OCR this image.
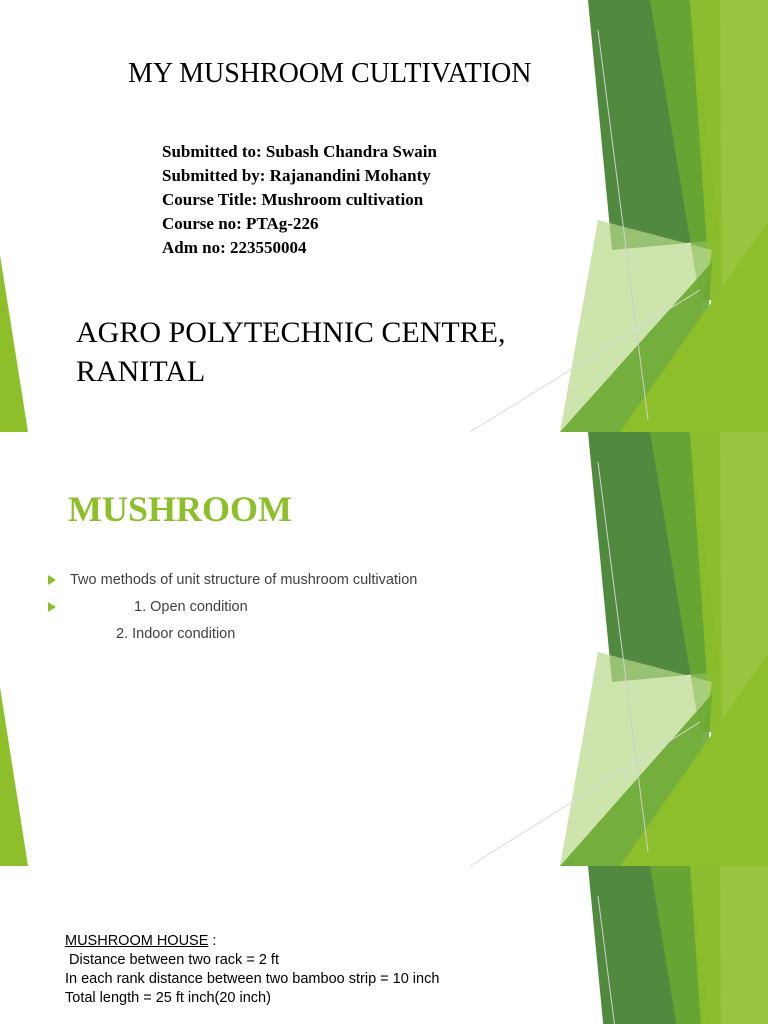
MY MUSHROOM CULTIVATION
Submitted to: Subash Chandra Swain
Submitted by: Rajanandini Mohanty
Course Title: Mushroom cultivation
Course no: PTAg-226
Adm no: 223550004
AGRO POLYTECHNIC CENTRE,
RANITAL
MUSHROOM
Two methods of unit structure of mushroom cultivation
1. Open condition
2. Indoor condition
MUSHROOM HOUSE :
Distance between two rack = 2 ft
In each rank distance between two bamboo strip = 10 inch
Total length = 25 ft inch(20 inch)
